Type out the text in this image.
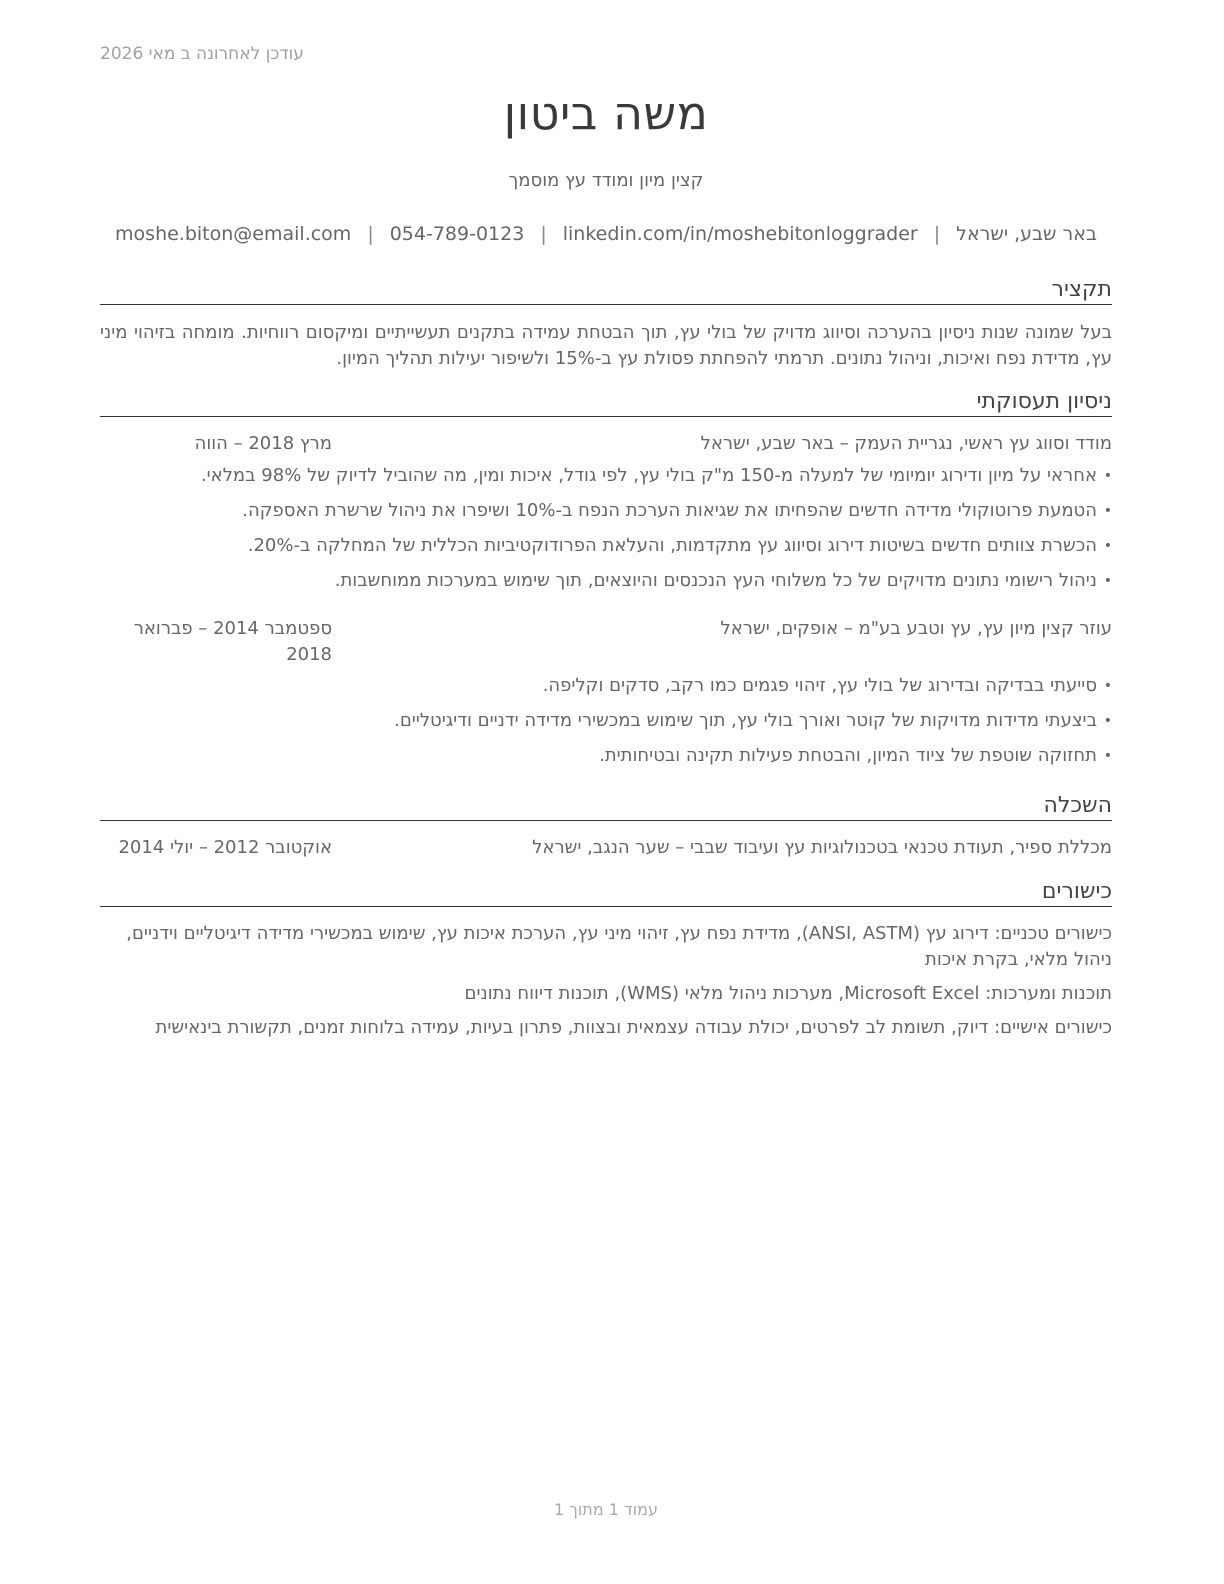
עודכן לאחרונה ב מאי 2026
משה ביטון
קצין מיון ומודד עץ מוסמך
באר שבע, ישראל|moshe.biton@email.com | 054-789-0123 | linkedin.com/in/moshebitonloggrader
תקציר
בעל שמונה שנות ניסיון בהערכה וסיווג מדויק של בולי עץ, תוך הבטחת עמידה בתקנים תעשייתיים ומיקסום רווחיות. מומחה בזיהוי מיני עץ, מדידת נפח ואיכות, וניהול נתונים. תרמתי להפחתת פסולת עץ ב-15% ולשיפור יעילות תהליך המיון.
ניסיון תעסוקתי
מודד וסווג עץ ראשי, נגריית העמק – באר שבע, ישראל
מרץ 2018 – הווה
• אחראי על מיון ודירוג יומיומי של למעלה מ-150 מ"ק בולי עץ, לפי גודל, איכות ומין, מה שהוביל לדיוק של 98% במלאי.
• הטמעת פרוטוקולי מדידה חדשים שהפחיתו את שגיאות הערכת הנפח ב-10% ושיפרו את ניהול שרשרת האספקה.
• הכשרת צוותים חדשים בשיטות דירוג וסיווג עץ מתקדמות, והעלאת הפרודוקטיביות הכללית של המחלקה ב-20%.
• ניהול רישומי נתונים מדויקים של כל משלוחי העץ הנכנסים והיוצאים, תוך שימוש במערכות ממוחשבות.
עוזר קצין מיון עץ, עץ וטבע בע"מ – אופקים, ישראל
ספטמבר 2014 – פברואר 2018
• סייעתי בבדיקה ובדירוג של בולי עץ, זיהוי פגמים כמו רקב, סדקים וקליפה.
• ביצעתי מדידות מדויקות של קוטר ואורך בולי עץ, תוך שימוש במכשירי מדידה ידניים ודיגיטליים.
• תחזוקה שוטפת של ציוד המיון, והבטחת פעילות תקינה ובטיחותית.
השכלה
מכללת ספיר, תעודת טכנאי בטכנולוגיות עץ ועיבוד שבבי – שער הנגב, ישראל
אוקטובר 2012 – יולי 2014
כישורים
כישורים טכניים: דירוג עץ (ANSI, ASTM), מדידת נפח עץ, זיהוי מיני עץ, הערכת איכות עץ, שימוש במכשירי מדידה דיגיטליים וידניים, ניהול מלאי, בקרת איכות
תוכנות ומערכות: Microsoft Excel, מערכות ניהול מלאי (WMS), תוכנות דיווח נתונים
כישורים אישיים: דיוק, תשומת לב לפרטים, יכולת עבודה עצמאית ובצוות, פתרון בעיות, עמידה בלוחות זמנים, תקשורת בינאישית
עמוד 1 מתוך 1
